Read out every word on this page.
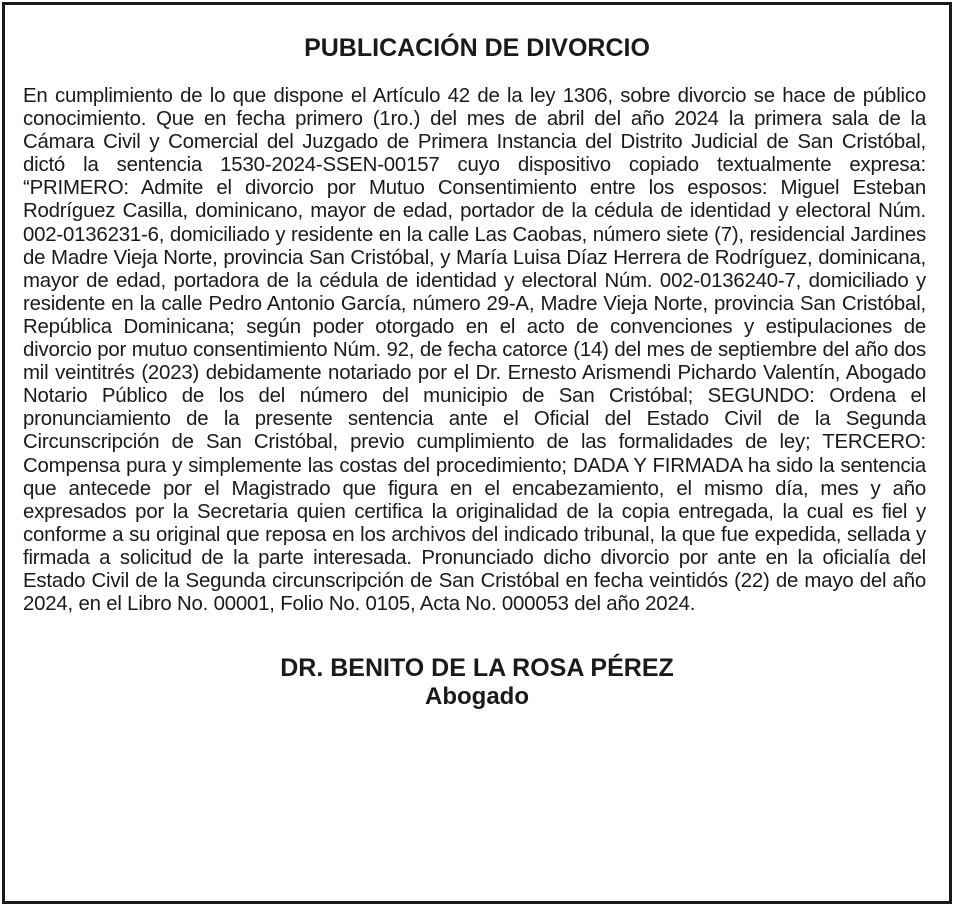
PUBLICACIÓN DE DIVORCIO
En cumplimiento de lo que dispone el Artículo 42 de la ley 1306, sobre divorcio se hace de público conocimiento. Que en fecha primero (1ro.) del mes de abril del año 2024 la primera sala de la Cámara Civil y Comercial del Juzgado de Primera Instancia del Distrito Judicial de San Cristóbal, dictó la sentencia 1530-2024-SSEN-00157 cuyo dispositivo copiado textualmente expresa: “PRIMERO: Admite el divorcio por Mutuo Consentimiento entre los esposos: Miguel Esteban Rodríguez Casilla, dominicano, mayor de edad, portador de la cédula de identidad y electoral Núm. 002-0136231-6, domiciliado y residente en la calle Las Caobas, número siete (7), residencial Jardines de Madre Vieja Norte, provincia San Cristóbal, y María Luisa Díaz Herrera de Rodríguez, dominicana, mayor de edad, portadora de la cédula de identidad y electoral Núm. 002-0136240-7, domiciliado y residente en la calle Pedro Antonio García, número 29-A, Madre Vieja Norte, provincia San Cristóbal, República Dominicana; según poder otorgado en el acto de convenciones y estipulaciones de divorcio por mutuo consentimiento Núm. 92, de fecha catorce (14) del mes de septiembre del año dos mil veintitrés (2023) debidamente notariado por el Dr. Ernesto Arismendi Pichardo Valentín, Abogado Notario Público de los del número del municipio de San Cristóbal; SEGUNDO: Ordena el pronunciamiento de la presente sentencia ante el Oficial del Estado Civil de la Segunda Circunscripción de San Cristóbal, previo cumplimiento de las formalidades de ley; TERCERO: Compensa pura y simplemente las costas del procedimiento; DADA Y FIRMADA ha sido la sentencia que antecede por el Magistrado que figura en el encabezamiento, el mismo día, mes y año expresados por la Secretaria quien certifica la originalidad de la copia entregada, la cual es fiel y conforme a su original que reposa en los archivos del indicado tribunal, la que fue expedida, sellada y firmada a solicitud de la parte interesada. Pronunciado dicho divorcio por ante en la oficialía del Estado Civil de la Segunda circunscripción de San Cristóbal en fecha veintidós (22) de mayo del año 2024, en el Libro No. 00001, Folio No. 0105, Acta No. 000053 del año 2024.
DR. BENITO DE LA ROSA PÉREZ
Abogado
